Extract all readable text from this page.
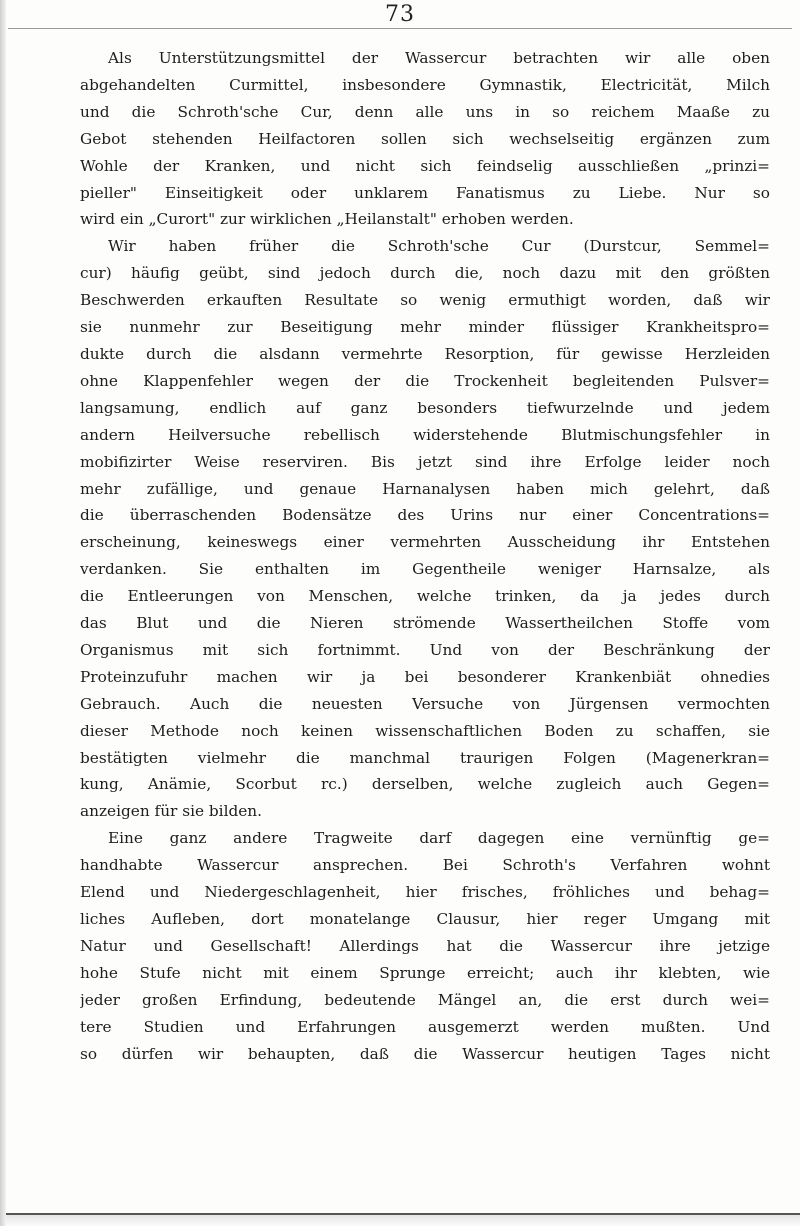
73
Als Unterstützungsmittel der Wassercur betrachten wir alle oben
abgehandelten Curmittel, insbesondere Gymnastik, Electricität, Milch
und die Schroth'sche Cur, denn alle uns in so reichem Maaße zu
Gebot stehenden Heilfactoren sollen sich wechselseitig ergänzen zum
Wohle der Kranken, und nicht sich feindselig ausschließen „prinzi=
pieller" Einseitigkeit oder unklarem Fanatismus zu Liebe. Nur so
wird ein „Curort" zur wirklichen „Heilanstalt" erhoben werden.
Wir haben früher die Schroth'sche Cur (Durstcur, Semmel=
cur) häufig geübt, sind jedoch durch die, noch dazu mit den größten
Beschwerden erkauften Resultate so wenig ermuthigt worden, daß wir
sie nunmehr zur Beseitigung mehr minder flüssiger Krankheitspro=
dukte durch die alsdann vermehrte Resorption, für gewisse Herzleiden
ohne Klappenfehler wegen der die Trockenheit begleitenden Pulsver=
langsamung, endlich auf ganz besonders tiefwurzelnde und jedem
andern Heilversuche rebellisch widerstehende Blutmischungsfehler in
mobifizirter Weise reserviren. Bis jetzt sind ihre Erfolge leider noch
mehr zufällige, und genaue Harnanalysen haben mich gelehrt, daß
die überraschenden Bodensätze des Urins nur einer Concentrations=
erscheinung, keineswegs einer vermehrten Ausscheidung ihr Entstehen
verdanken. Sie enthalten im Gegentheile weniger Harnsalze, als
die Entleerungen von Menschen, welche trinken, da ja jedes durch
das Blut und die Nieren strömende Wassertheilchen Stoffe vom
Organismus mit sich fortnimmt. Und von der Beschränkung der
Proteinzufuhr machen wir ja bei besonderer Krankenbiät ohnedies
Gebrauch. Auch die neuesten Versuche von Jürgensen vermochten
dieser Methode noch keinen wissenschaftlichen Boden zu schaffen, sie
bestätigten vielmehr die manchmal traurigen Folgen (Magenerkran=
kung, Anämie, Scorbut rc.) derselben, welche zugleich auch Gegen=
anzeigen für sie bilden.
Eine ganz andere Tragweite darf dagegen eine vernünftig ge=
handhabte Wassercur ansprechen. Bei Schroth's Verfahren wohnt
Elend und Niedergeschlagenheit, hier frisches, fröhliches und behag=
liches Aufleben, dort monatelange Clausur, hier reger Umgang mit
Natur und Gesellschaft! Allerdings hat die Wassercur ihre jetzige
hohe Stufe nicht mit einem Sprunge erreicht; auch ihr klebten, wie
jeder großen Erfindung, bedeutende Mängel an, die erst durch wei=
tere Studien und Erfahrungen ausgemerzt werden mußten. Und
so dürfen wir behaupten, daß die Wassercur heutigen Tages nicht
